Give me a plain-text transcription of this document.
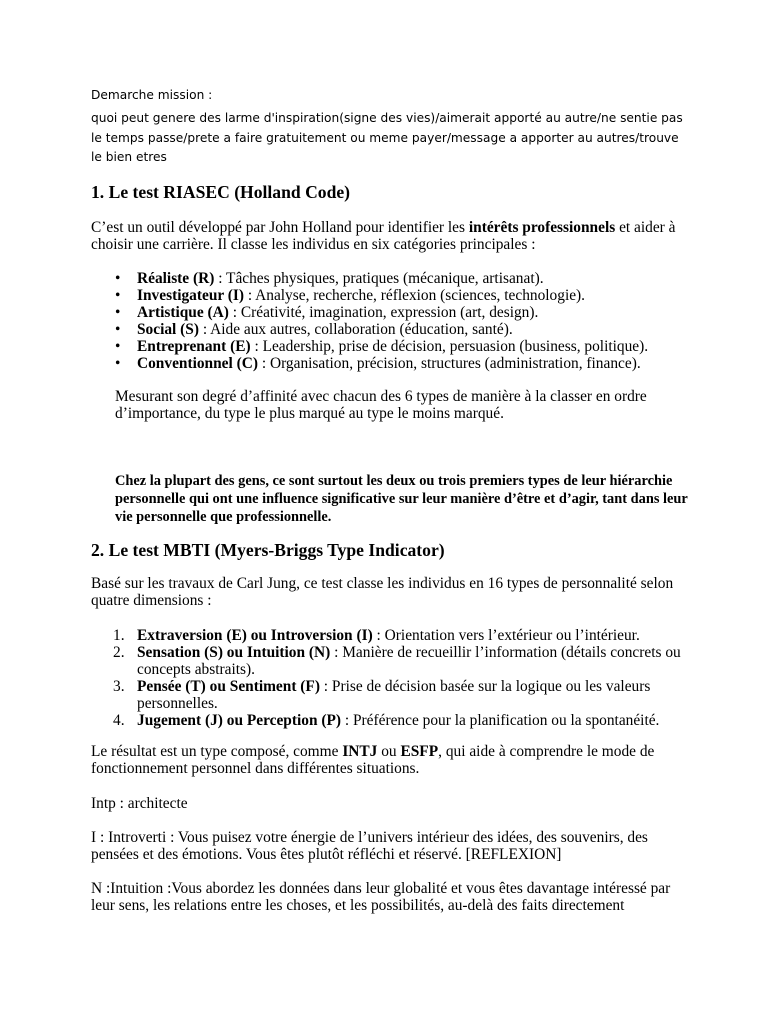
Demarche mission :

quoi peut genere des larme d'inspiration(signe des vies)/aimerait apporté au autre/ne sentie pas le temps passe/prete a faire gratuitement ou meme payer/message a apporter au autres/trouve le bien etres

1. Le test RIASEC (Holland Code)

C’est un outil développé par John Holland pour identifier les intérêts professionnels et aider à choisir une carrière. Il classe les individus en six catégories principales :

• Réaliste (R) : Tâches physiques, pratiques (mécanique, artisanat).
• Investigateur (I) : Analyse, recherche, réflexion (sciences, technologie).
• Artistique (A) : Créativité, imagination, expression (art, design).
• Social (S) : Aide aux autres, collaboration (éducation, santé).
• Entreprenant (E) : Leadership, prise de décision, persuasion (business, politique).
• Conventionnel (C) : Organisation, précision, structures (administration, finance).

Mesurant son degré d’affinité avec chacun des 6 types de manière à la classer en ordre d’importance, du type le plus marqué au type le moins marqué.

Chez la plupart des gens, ce sont surtout les deux ou trois premiers types de leur hiérarchie personnelle qui ont une influence significative sur leur manière d’être et d’agir, tant dans leur vie personnelle que professionnelle.

2. Le test MBTI (Myers-Briggs Type Indicator)

Basé sur les travaux de Carl Jung, ce test classe les individus en 16 types de personnalité selon quatre dimensions :

1. Extraversion (E) ou Introversion (I) : Orientation vers l’extérieur ou l’intérieur.
2. Sensation (S) ou Intuition (N) : Manière de recueillir l’information (détails concrets ou concepts abstraits).
3. Pensée (T) ou Sentiment (F) : Prise de décision basée sur la logique ou les valeurs personnelles.
4. Jugement (J) ou Perception (P) : Préférence pour la planification ou la spontanéité.

Le résultat est un type composé, comme INTJ ou ESFP, qui aide à comprendre le mode de fonctionnement personnel dans différentes situations.

Intp : architecte

I : Introverti : Vous puisez votre énergie de l’univers intérieur des idées, des souvenirs, des pensées et des émotions. Vous êtes plutôt réfléchi et réservé. [REFLEXION]

N :Intuition :Vous abordez les données dans leur globalité et vous êtes davantage intéressé par leur sens, les relations entre les choses, et les possibilités, au-delà des faits directement
